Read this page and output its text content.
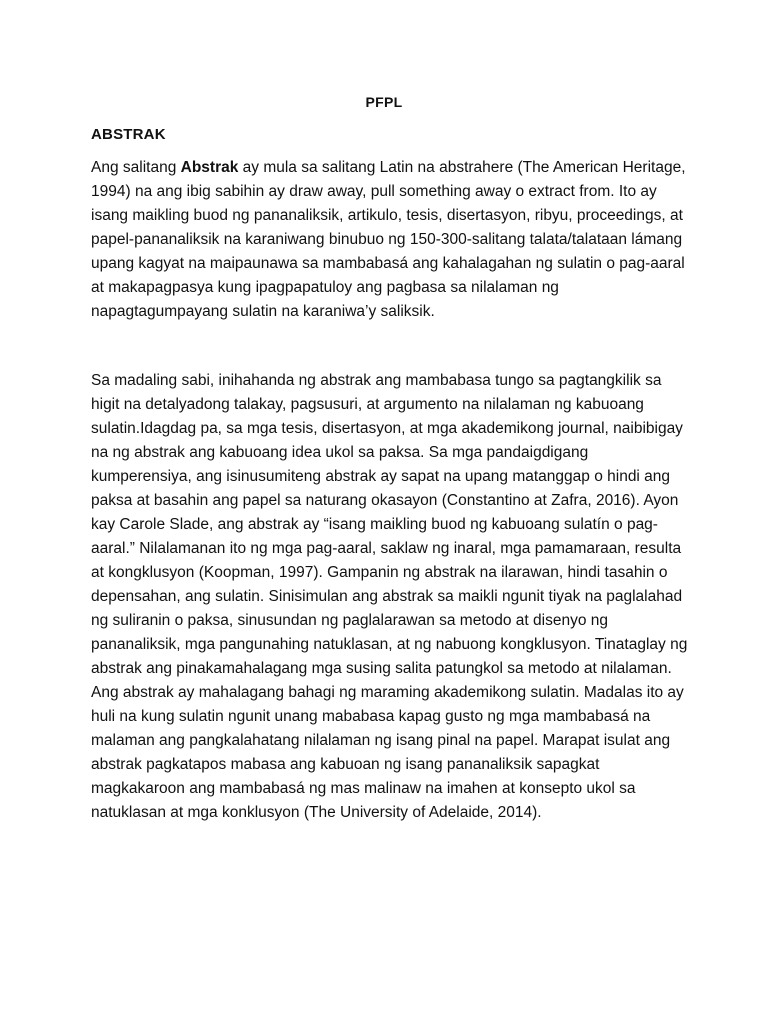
PFPL
ABSTRAK

Ang salitang Abstrak ay mula sa salitang Latin na abstrahere (The American Heritage, 1994) na ang ibig sabihin ay draw away, pull something away o extract from. Ito ay isang maikling buod ng pananaliksik, artikulo, tesis, disertasyon, ribyu, proceedings, at papel-pananaliksik na karaniwang binubuo ng 150-300-salitang talata/talataan lámang upang kagyat na maipaunawa sa mambabasá ang kahalagahan ng sulatin o pag-aaral at makapagpasya kung ipagpapatuloy ang pagbasa sa nilalaman ng napagtagumpayang sulatin na karaniwa’y saliksik.

Sa madaling sabi, inihahanda ng abstrak ang mambabasa tungo sa pagtangkilik sa higit na detalyadong talakay, pagsusuri, at argumento na nilalaman ng kabuoang sulatin.Idagdag pa, sa mga tesis, disertasyon, at mga akademikong journal, naibibigay na ng abstrak ang kabuoang idea ukol sa paksa. Sa mga pandaigdigang kumperensiya, ang isinusumiteng abstrak ay sapat na upang matanggap o hindi ang paksa at basahin ang papel sa naturang okasayon (Constantino at Zafra, 2016). Ayon kay Carole Slade, ang abstrak ay “isang maikling buod ng kabuoang sulatín o pag-aaral.” Nilalamanan ito ng mga pag-aaral, saklaw ng inaral, mga pamamaraan, resulta at kongklusyon (Koopman, 1997). Gampanin ng abstrak na ilarawan, hindi tasahin o depensahan, ang sulatin. Sinisimulan ang abstrak sa maikli ngunit tiyak na paglalahad ng suliranin o paksa, sinusundan ng paglalarawan sa metodo at disenyo ng pananaliksik, mga pangunahing natuklasan, at ng nabuong kongklusyon. Tinataglay ng abstrak ang pinakamahalagang mga susing salita patungkol sa metodo at nilalaman. Ang abstrak ay mahalagang bahagi ng maraming akademikong sulatin. Madalas ito ay huli na kung sulatin ngunit unang mababasa kapag gusto ng mga mambabasá na malaman ang pangkalahatang nilalaman ng isang pinal na papel. Marapat isulat ang abstrak pagkatapos mabasa ang kabuoan ng isang pananaliksik sapagkat magkakaroon ang mambabasá ng mas malinaw na imahen at konsepto ukol sa natuklasan at mga konklusyon (The University of Adelaide, 2014).
